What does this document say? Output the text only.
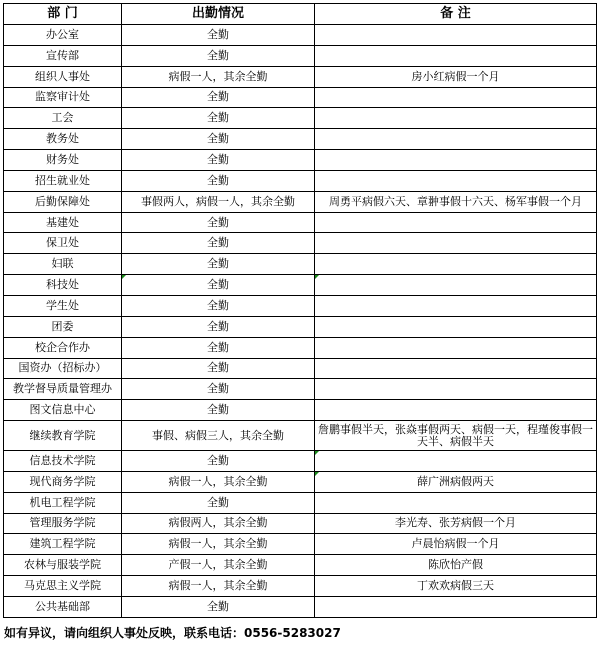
部 门	出勤情况	备 注
办公室	全勤	
宣传部	全勤	
组织人事处	病假一人，其余全勤	房小红病假一个月
监察审计处	全勤	
工会	全勤	
教务处	全勤	
财务处	全勤	
招生就业处	全勤	
后勤保障处	事假两人，病假一人，其余全勤	周勇平病假六天、章翀事假十六天、杨军事假一个月
基建处	全勤	
保卫处	全勤	
妇联	全勤	
科技处	全勤	

学生处	全勤	
团委	全勤	
校企合作办	全勤	
国资办（招标办）	全勤	
教学督导质量管理办	全勤	
图文信息中心	全勤	
继续教育学院	事假、病假三人，其余全勤	詹鹏事假半天，张焱事假两天、病假一天，程瑾俊事假一天半、病假半天
信息技术学院	全勤	

现代商务学院	病假一人，其余全勤	薛广洲病假两天
机电工程学院	全勤	
管理服务学院	病假两人，其余全勤	李光寿、张芳病假一个月
建筑工程学院	病假一人，其余全勤	卢晨怡病假一个月
农林与服装学院	产假一人，其余全勤	陈欣怡产假
马克思主义学院	病假一人，其余全勤	丁欢欢病假三天
公共基础部	全勤	
如有异议，请向组织人事处反映，联系电话：0556-5283027
